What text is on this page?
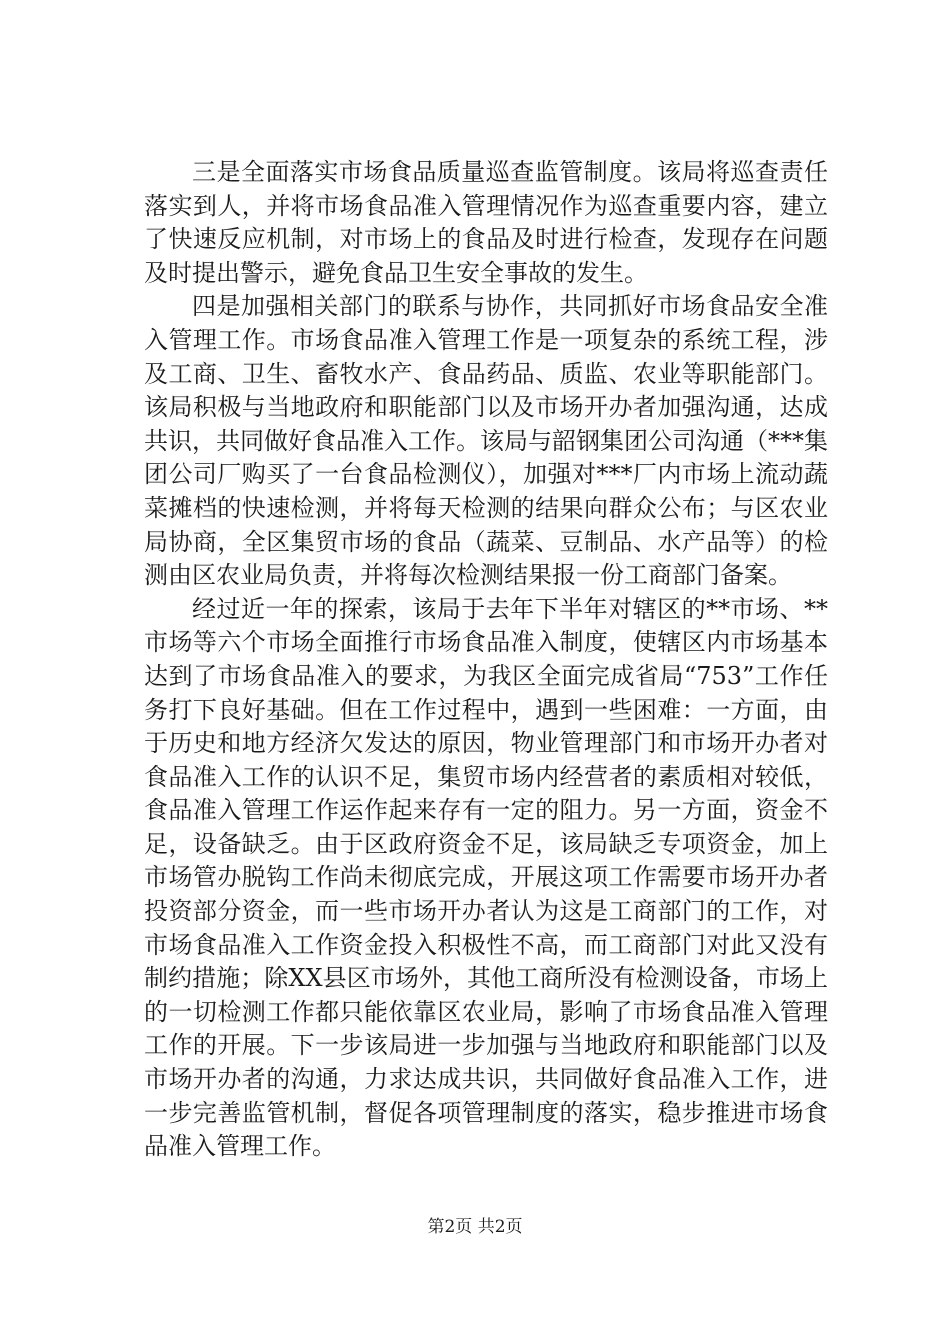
三是全面落实市场食品质量巡查监管制度。该局将巡查责任落实到人，并将市场食品准入管理情况作为巡查重要内容，建立了快速反应机制，对市场上的食品及时进行检查，发现存在问题及时提出警示，避免食品卫生安全事故的发生。

四是加强相关部门的联系与协作，共同抓好市场食品安全准入管理工作。市场食品准入管理工作是一项复杂的系统工程，涉及工商、卫生、畜牧水产、食品药品、质监、农业等职能部门。该局积极与当地政府和职能部门以及市场开办者加强沟通，达成共识，共同做好食品准入工作。该局与韶钢集团公司沟通（***集团公司厂购买了一台食品检测仪），加强对***厂内市场上流动蔬菜摊档的快速检测，并将每天检测的结果向群众公布；与区农业局协商，全区集贸市场的食品（蔬菜、豆制品、水产品等）的检测由区农业局负责，并将每次检测结果报一份工商部门备案。

经过近一年的探索，该局于去年下半年对辖区的**市场、**市场等六个市场全面推行市场食品准入制度，使辖区内市场基本达到了市场食品准入的要求，为我区全面完成省局“753”工作任务打下良好基础。但在工作过程中，遇到一些困难：一方面，由于历史和地方经济欠发达的原因，物业管理部门和市场开办者对食品准入工作的认识不足，集贸市场内经营者的素质相对较低，食品准入管理工作运作起来存有一定的阻力。另一方面，资金不足，设备缺乏。由于区政府资金不足，该局缺乏专项资金，加上市场管办脱钩工作尚未彻底完成，开展这项工作需要市场开办者投资部分资金，而一些市场开办者认为这是工商部门的工作，对市场食品准入工作资金投入积极性不高，而工商部门对此又没有制约措施；除XX县区市场外，其他工商所没有检测设备，市场上的一切检测工作都只能依靠区农业局，影响了市场食品准入管理工作的开展。下一步该局进一步加强与当地政府和职能部门以及市场开办者的沟通，力求达成共识，共同做好食品准入工作，进一步完善监管机制，督促各项管理制度的落实，稳步推进市场食品准入管理工作。

第2页 共2页
